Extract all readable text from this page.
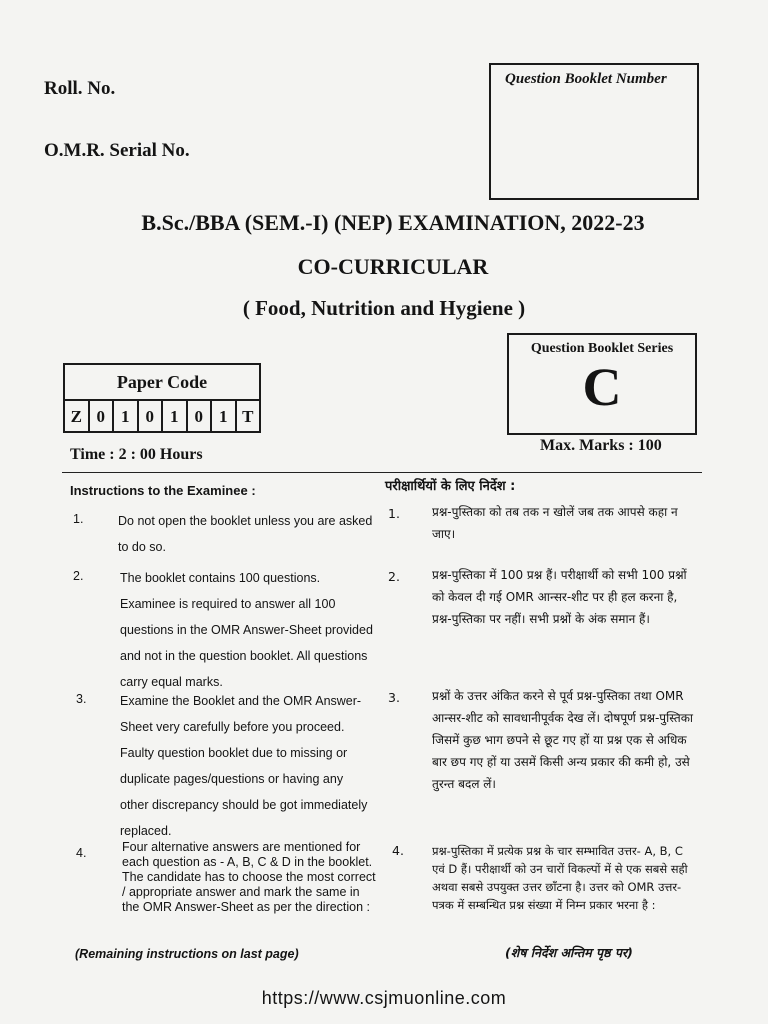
Roll. No.
O.M.R. Serial No.
Question Booklet Number
B.Sc./BBA (SEM.-I) (NEP) EXAMINATION, 2022-23
CO-CURRICULAR
( Food, Nutrition and Hygiene )
Question Booklet Series
C
Paper Code
Z 0 1 0 1 0 1 T
Time : 2 : 00 Hours
Max. Marks : 100
Instructions to the Examinee :
1.	Do not open the booklet unless you are asked to do so.
2.	The booklet contains 100 questions. Examinee is required to answer all 100 questions in the OMR Answer-Sheet provided and not in the question booklet. All questions carry equal marks.
3.	Examine the Booklet and the OMR Answer-Sheet very carefully before you proceed. Faulty question booklet due to missing or duplicate pages/questions or having any other discrepancy should be got immediately replaced.
4.	Four alternative answers are mentioned for each question as - A, B, C & D in the booklet. The candidate has to choose the most correct / appropriate answer and mark the same in the OMR Answer-Sheet as per the direction :
(Remaining instructions on last page)
परीक्षार्थियों के लिए निर्देश :
1.	प्रश्न-पुस्तिका को तब तक न खोलें जब तक आपसे कहा न जाए।
2.	प्रश्न-पुस्तिका में 100 प्रश्न हैं। परीक्षार्थी को सभी 100 प्रश्नों को केवल दी गई OMR आन्सर-शीट पर ही हल करना है, प्रश्न-पुस्तिका पर नहीं। सभी प्रश्नों के अंक समान हैं।
3.	प्रश्नों के उत्तर अंकित करने से पूर्व प्रश्न-पुस्तिका तथा OMR आन्सर-शीट को सावधानीपूर्वक देख लें। दोषपूर्ण प्रश्न-पुस्तिका जिसमें कुछ भाग छपने से छूट गए हों या प्रश्न एक से अधिक बार छप गए हों या उसमें किसी अन्य प्रकार की कमी हो, उसे तुरन्त बदल लें।
4. प्रश्न-पुस्तिका में प्रत्येक प्रश्न के चार सम्भावित उत्तर- A, B, C एवं D हैं। परीक्षार्थी को उन चारों विकल्पों में से एक सबसे सही अथवा सबसे उपयुक्त उत्तर छाँटना है। उत्तर को OMR उत्तर-पत्रक में सम्बन्धित प्रश्न संख्या में निम्न प्रकार भरना है :
(शेष निर्देश अन्तिम पृष्ठ पर)
https://www.csjmuonline.com
